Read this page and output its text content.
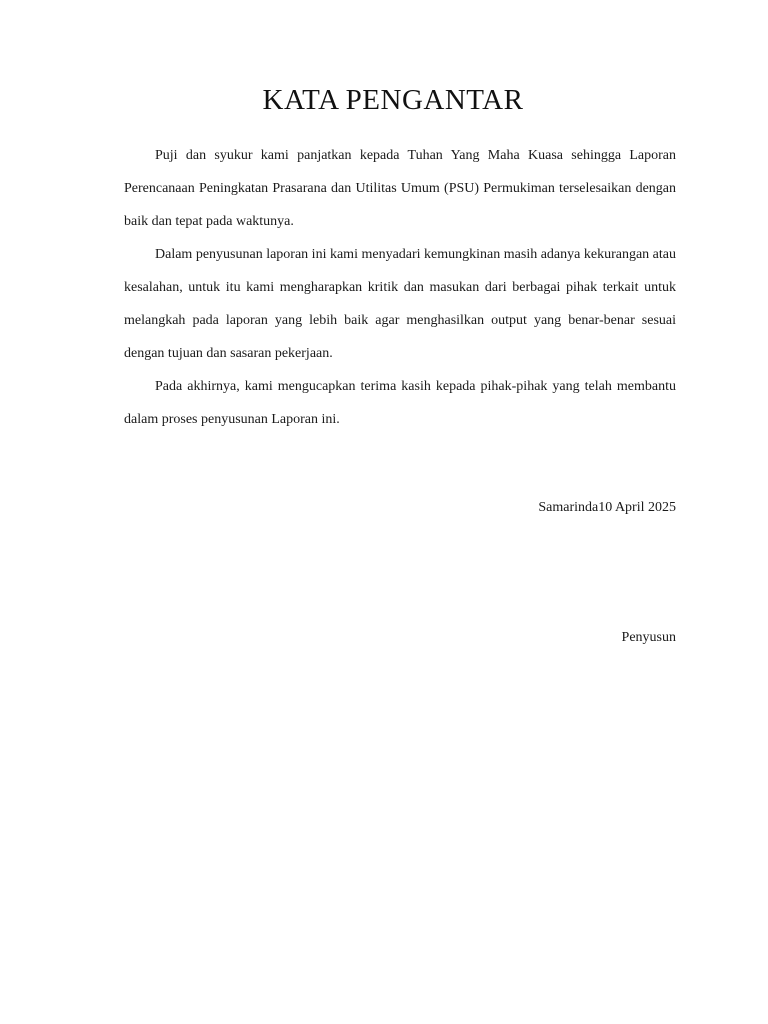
KATA PENGANTAR

Puji dan syukur kami panjatkan kepada Tuhan Yang Maha Kuasa sehingga Laporan Perencanaan Peningkatan Prasarana dan Utilitas Umum (PSU) Permukiman terselesaikan dengan baik dan tepat pada waktunya.

Dalam penyusunan laporan ini kami menyadari kemungkinan masih adanya kekurangan atau kesalahan, untuk itu kami mengharapkan kritik dan masukan dari berbagai pihak terkait untuk melangkah pada laporan yang lebih baik agar menghasilkan output yang benar-benar sesuai dengan tujuan dan sasaran pekerjaan.

Pada akhirnya, kami mengucapkan terima kasih kepada pihak-pihak yang telah membantu dalam proses penyusunan Laporan ini.

Samarinda10 April 2025
Penyusun
